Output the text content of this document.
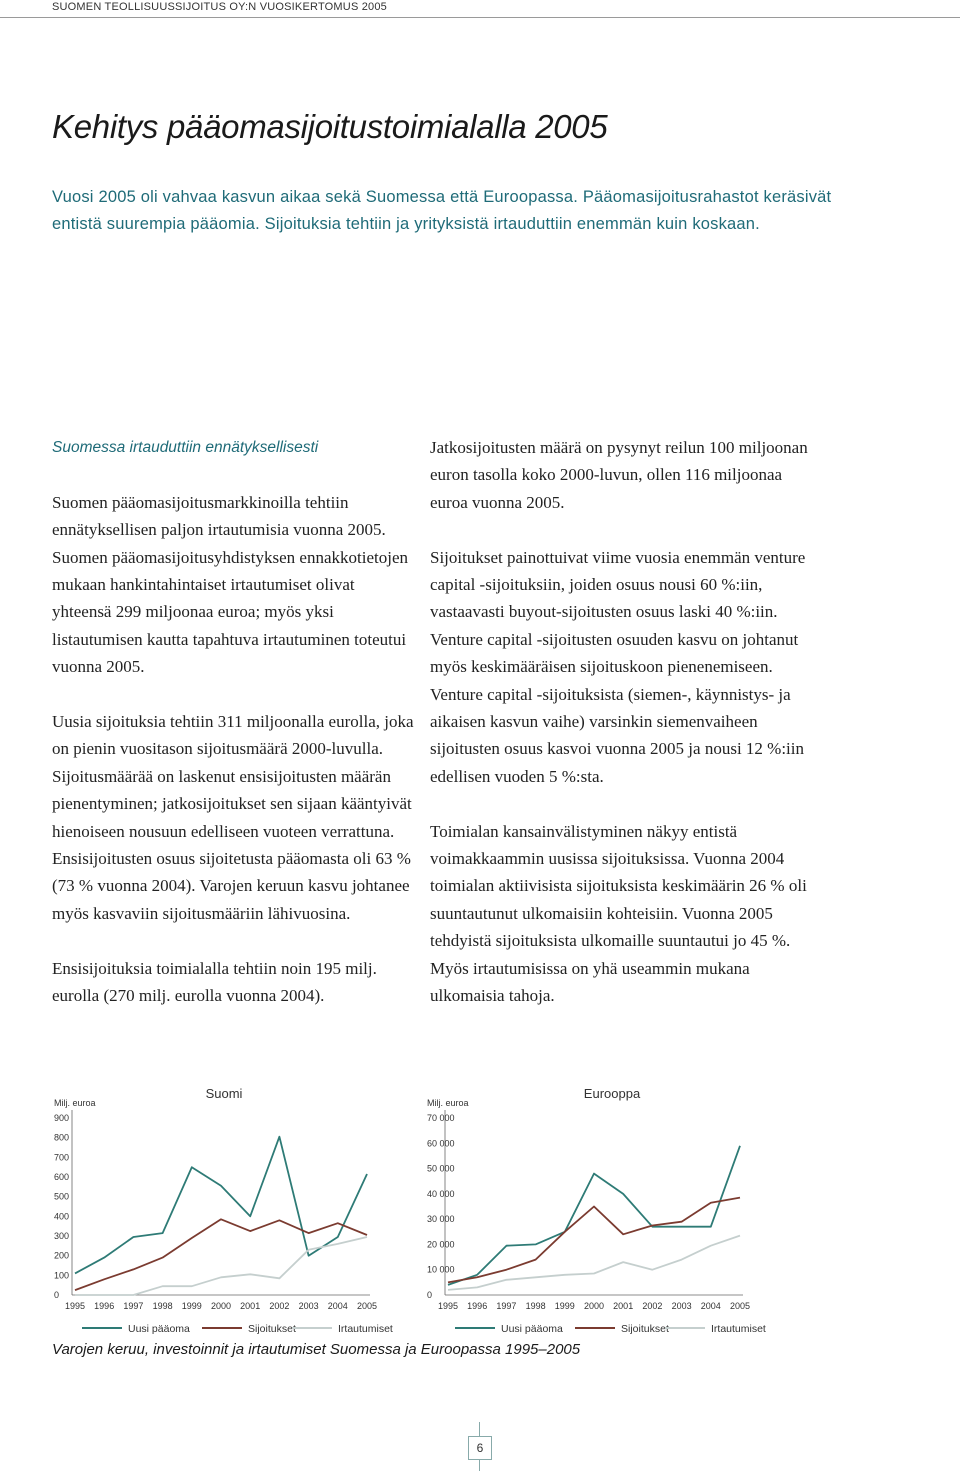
SUOMEN TEOLLISUUSSIJOITUS OY:N VUOSIKERTOMUS 2005
Kehitys pääomasijoitustoimialalla 2005

Vuosi 2005 oli vahvaa kasvun aikaa sekä Suomessa että Euroopassa. Pääomasijoitusrahastot keräsivät entistä suurempia pääomia. Sijoituksia tehtiin ja yrityksistä irtauduttiin enemmän kuin koskaan.

Suomessa irtauduttiin ennätyksellisesti

Suomen pääomasijoitusmarkkinoilla tehtiin ennätyksellisen paljon irtautumisia vuonna 2005. Suomen pääomasijoitusyhdistyksen ennakkotietojen mukaan hankintahintaiset irtautumiset olivat yhteensä 299 miljoonaa euroa; myös yksi listautumisen kautta tapahtuva irtautuminen toteutui vuonna 2005.

Uusia sijoituksia tehtiin 311 miljoonalla eurolla, joka on pienin vuositason sijoitusmäärä 2000-luvulla. Sijoitusmäärää on laskenut ensisijoitusten määrän pienentyminen; jatkosijoitukset sen sijaan kääntyivät hienoiseen nousuun edelliseen vuoteen verrattuna. Ensisijoitusten osuus sijoitetusta pääomasta oli 63 % (73 % vuonna 2004). Varojen keruun kasvu johtanee myös kasvaviin sijoitusmääriin lähivuosina.

Ensisijoituksia toimialalla tehtiin noin 195 milj. eurolla (270 milj. eurolla vuonna 2004).

Jatkosijoitusten määrä on pysynyt reilun 100 miljoonan euron tasolla koko 2000-luvun, ollen 116 miljoonaa euroa vuonna 2005.

Sijoitukset painottuivat viime vuosia enemmän venture capital -sijoituksiin, joiden osuus nousi 60 %:iin, vastaavasti buyout-sijoitusten osuus laski 40 %:iin. Venture capital -sijoitusten osuuden kasvu on johtanut myös keskimääräisen sijoituskoon pienenemiseen. Venture capital -sijoituksista (siemen-, käynnistys- ja aikaisen kasvun vaihe) varsinkin siemenvaiheen sijoitusten osuus kasvoi vuonna 2005 ja nousi 12 %:iin edellisen vuoden 5 %:sta.

Toimialan kansainvälistyminen näkyy entistä voimakkaammin uusissa sijoituksissa. Vuonna 2004 toimialan aktiivisista sijoituksista keskimäärin 26 % oli suuntautunut ulkomaisiin kohteisiin. Vuonna 2005 tehdyistä sijoituksista ulkomaille suuntautui jo 45 %. Myös irtautumisissa on yhä useammin mukana ulkomaisia tahoja.

Suomi
Milj. euroa
0
100
200
300
400
500
600
700
800
900
1995 1996 1997 1998 1999 2000 2001 2002 2003 2004 2005
Uusi pääoma	Sijoitukset	Irtautumiset
Eurooppa
Milj. euroa
0
10 000
20 000
30 000
40 000
50 000
60 000
70 000
1995 1996 1997 1998 1999 2000 2001 2002 2003 2004 2005
Uusi pääoma	Sijoitukset	Irtautumiset

Varojen keruu, investoinnit ja irtautumiset Suomessa ja Euroopassa 1995–2005

6
